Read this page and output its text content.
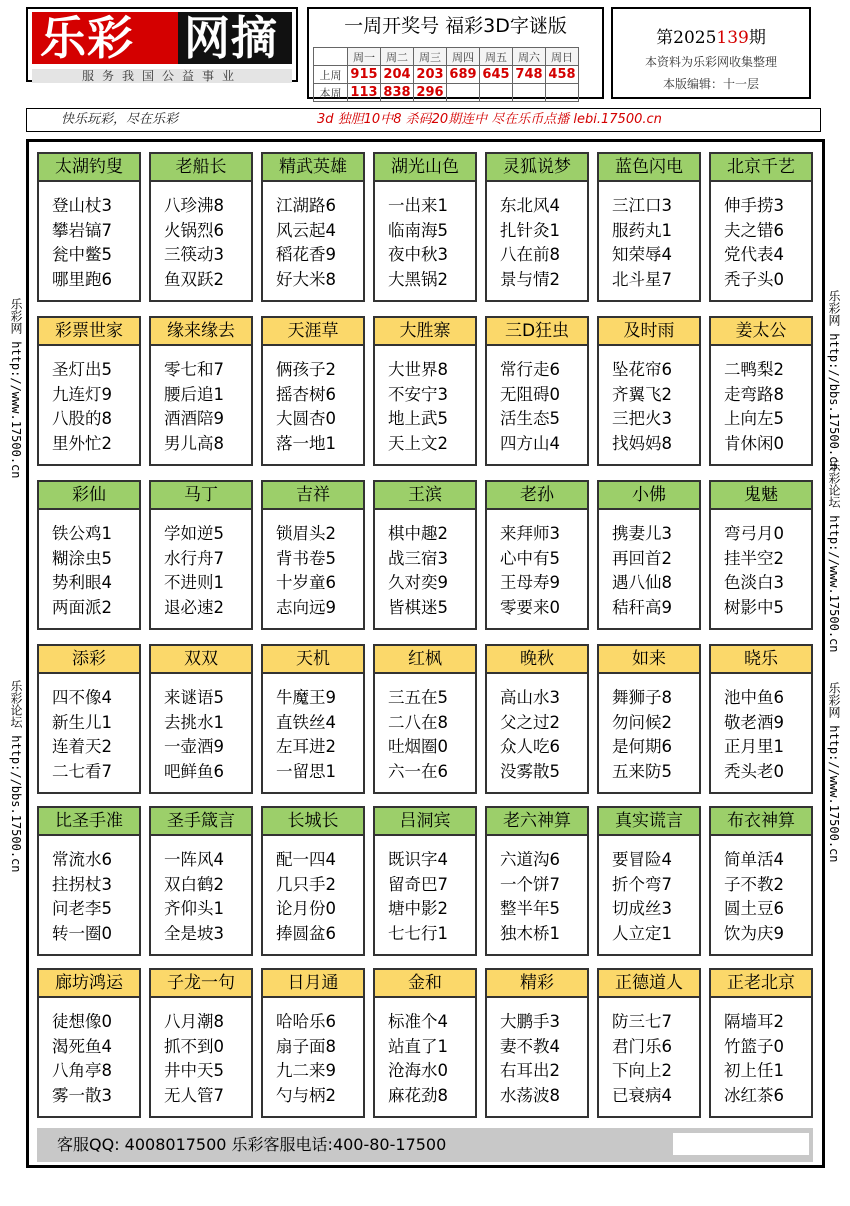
乐彩 网摘
服务我国公益事业
一周开奖号 福彩3D字谜版
	周一	周二	周三	周四	周五	周六	周日
上周	915	204	203	689	645	748	458
本周	113	838	296				
第2025139期
本资料为乐彩网收集整理
本版编辑：十一层
快乐玩彩，尽在乐彩	3d 独胆10中8 杀码20期连中 尽在乐币点播 lebi.17500.cn
乐彩网 http://www.17500.cn
乐彩论坛 http://bbs.17500.cn
乐彩网 http://bbs.17500.cn
乐彩论坛 http://www.17500.cn
乐彩网 http://www.17500.cn
太湖钓叟
登山杖3
攀岩镐7
瓮中鳖5
哪里跑6
老船长
八珍沸8
火锅烈6
三筷动3
鱼双跃2
精武英雄
江湖路6
风云起4
稻花香9
好大米8
湖光山色
一出来1
临南海5
夜中秋3
大黑锅2
灵狐说梦
东北风4
扎针灸1
八在前8
景与情2
蓝色闪电
三江口3
服药丸1
知荣辱4
北斗星7
北京千艺
伸手捞3
夫之错6
党代表4
秃子头0
彩票世家
圣灯出5
九连灯9
八股的8
里外忙2
缘来缘去
零七和7
腰后追1
酒酒陪9
男儿高8
天涯草
俩孩子2
摇杏树6
大圆杏0
落一地1
大胜寨
大世界8
不安宁3
地上武5
天上文2
三D狂虫
常行走6
无阻碍0
活生态5
四方山4
及时雨
坠花帘6
齐翼飞2
三把火3
找妈妈8
姜太公
二鸭梨2
走弯路8
上向左5
肯休闲0
彩仙
铁公鸡1
糊涂虫5
势利眼4
两面派2
马丁
学如逆5
水行舟7
不进则1
退必速2
吉祥
锁眉头2
背书卷5
十岁童6
志向远9
王滨
棋中趣2
战三宿3
久对奕9
皆棋迷5
老孙
来拜师3
心中有5
王母寿9
零要来0
小佛
携妻儿3
再回首2
遇八仙8
秸秆高9
鬼魅
弯弓月0
挂半空2
色淡白3
树影中5
添彩
四不像4
新生儿1
连着天2
二七看7
双双
来谜语5
去挑水1
一壶酒9
吧鲜鱼6
天机
牛魔王9
直铁丝4
左耳进2
一留思1
红枫
三五在5
二八在8
吐烟圈0
六一在6
晚秋
高山水3
父之过2
众人吃6
没雾散5
如来
舞狮子8
勿问候2
是何期6
五来防5
晓乐
池中鱼6
敬老酒9
正月里1
秃头老0
比圣手准
常流水6
拄拐杖3
问老李5
转一圈0
圣手箴言
一阵风4
双白鹤2
齐仰头1
全是坡3
长城长
配一四4
几只手2
论月份0
捧圆盆6
吕洞宾
既识字4
留奇巴7
塘中影2
七七行1
老六神算
六道沟6
一个饼7
整半年5
独木桥1
真实谎言
要冒险4
折个弯7
切成丝3
人立定1
布衣神算
简单活4
子不教2
圆土豆6
饮为庆9
廊坊鸿运
徒想像0
渴死鱼4
八角亭8
雾一散3
子龙一句
八月潮8
抓不到0
井中天5
无人管7
日月通
哈哈乐6
扇子面8
九二来9
勺与柄2
金和
标准个4
站直了1
沧海水0
麻花劲8
精彩
大鹏手3
妻不教4
右耳出2
水荡波8
正德道人
防三七7
君门乐6
下向上2
已衰病4
正老北京
隔墙耳2
竹篮子0
初上任1
冰红茶6
客服QQ: 4008017500 乐彩客服电话:400-80-17500
